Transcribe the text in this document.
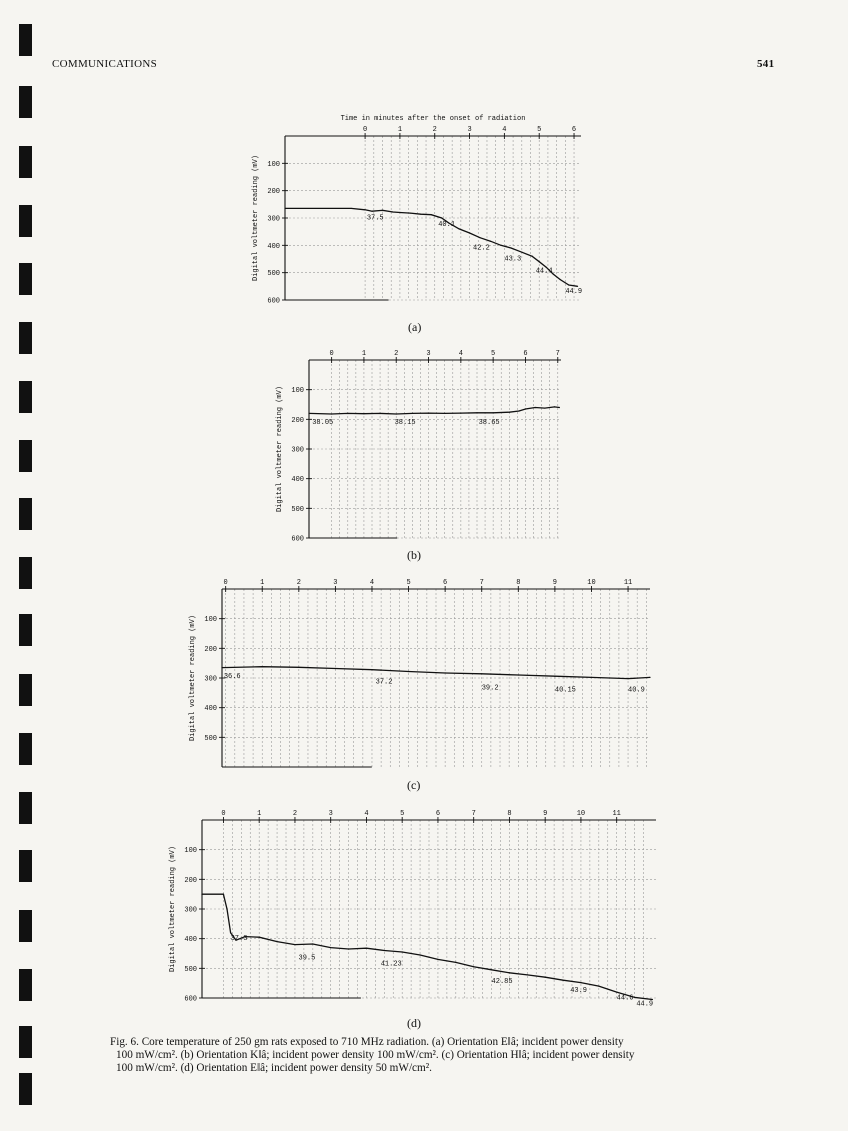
COMMUNICATIONS	541
0	1	2	3	4	5	6
100
200
300
400
500
600
Digital voltmeter reading (mV)
Time in minutes after the onset of radiation
37.5
40.1
42.2
43.3
44.4
44.9
(a)
0	1	2	3	4	5	6	7
100
200
300
400
500
600
Digital voltmeter reading (mV)	38.05	38.15	38.65
(b)
0	1	2	3	4	5	6	7	8	9	10	11
100
200
300
400
500
Digital voltmeter reading (mV)	36.6
37.2
39.2	40.15	40.9
(c)
0	1	2	3	4	5	6	7	8	9	10	11
100
200
300
400
500
600
Digital voltmeter reading (mV)	37.3
39.5
41.23
42.85
43.9
44.6
44.9
(d)
Fig. 6. Core temperature of 250 gm rats exposed to 710 MHz radiation. (a) Orientation E‖â; incident power density
100 mW/cm². (b) Orientation K‖â; incident power density 100 mW/cm². (c) Orientation H‖â; incident power density
100 mW/cm². (d) Orientation E‖â; incident power density 50 mW/cm².
